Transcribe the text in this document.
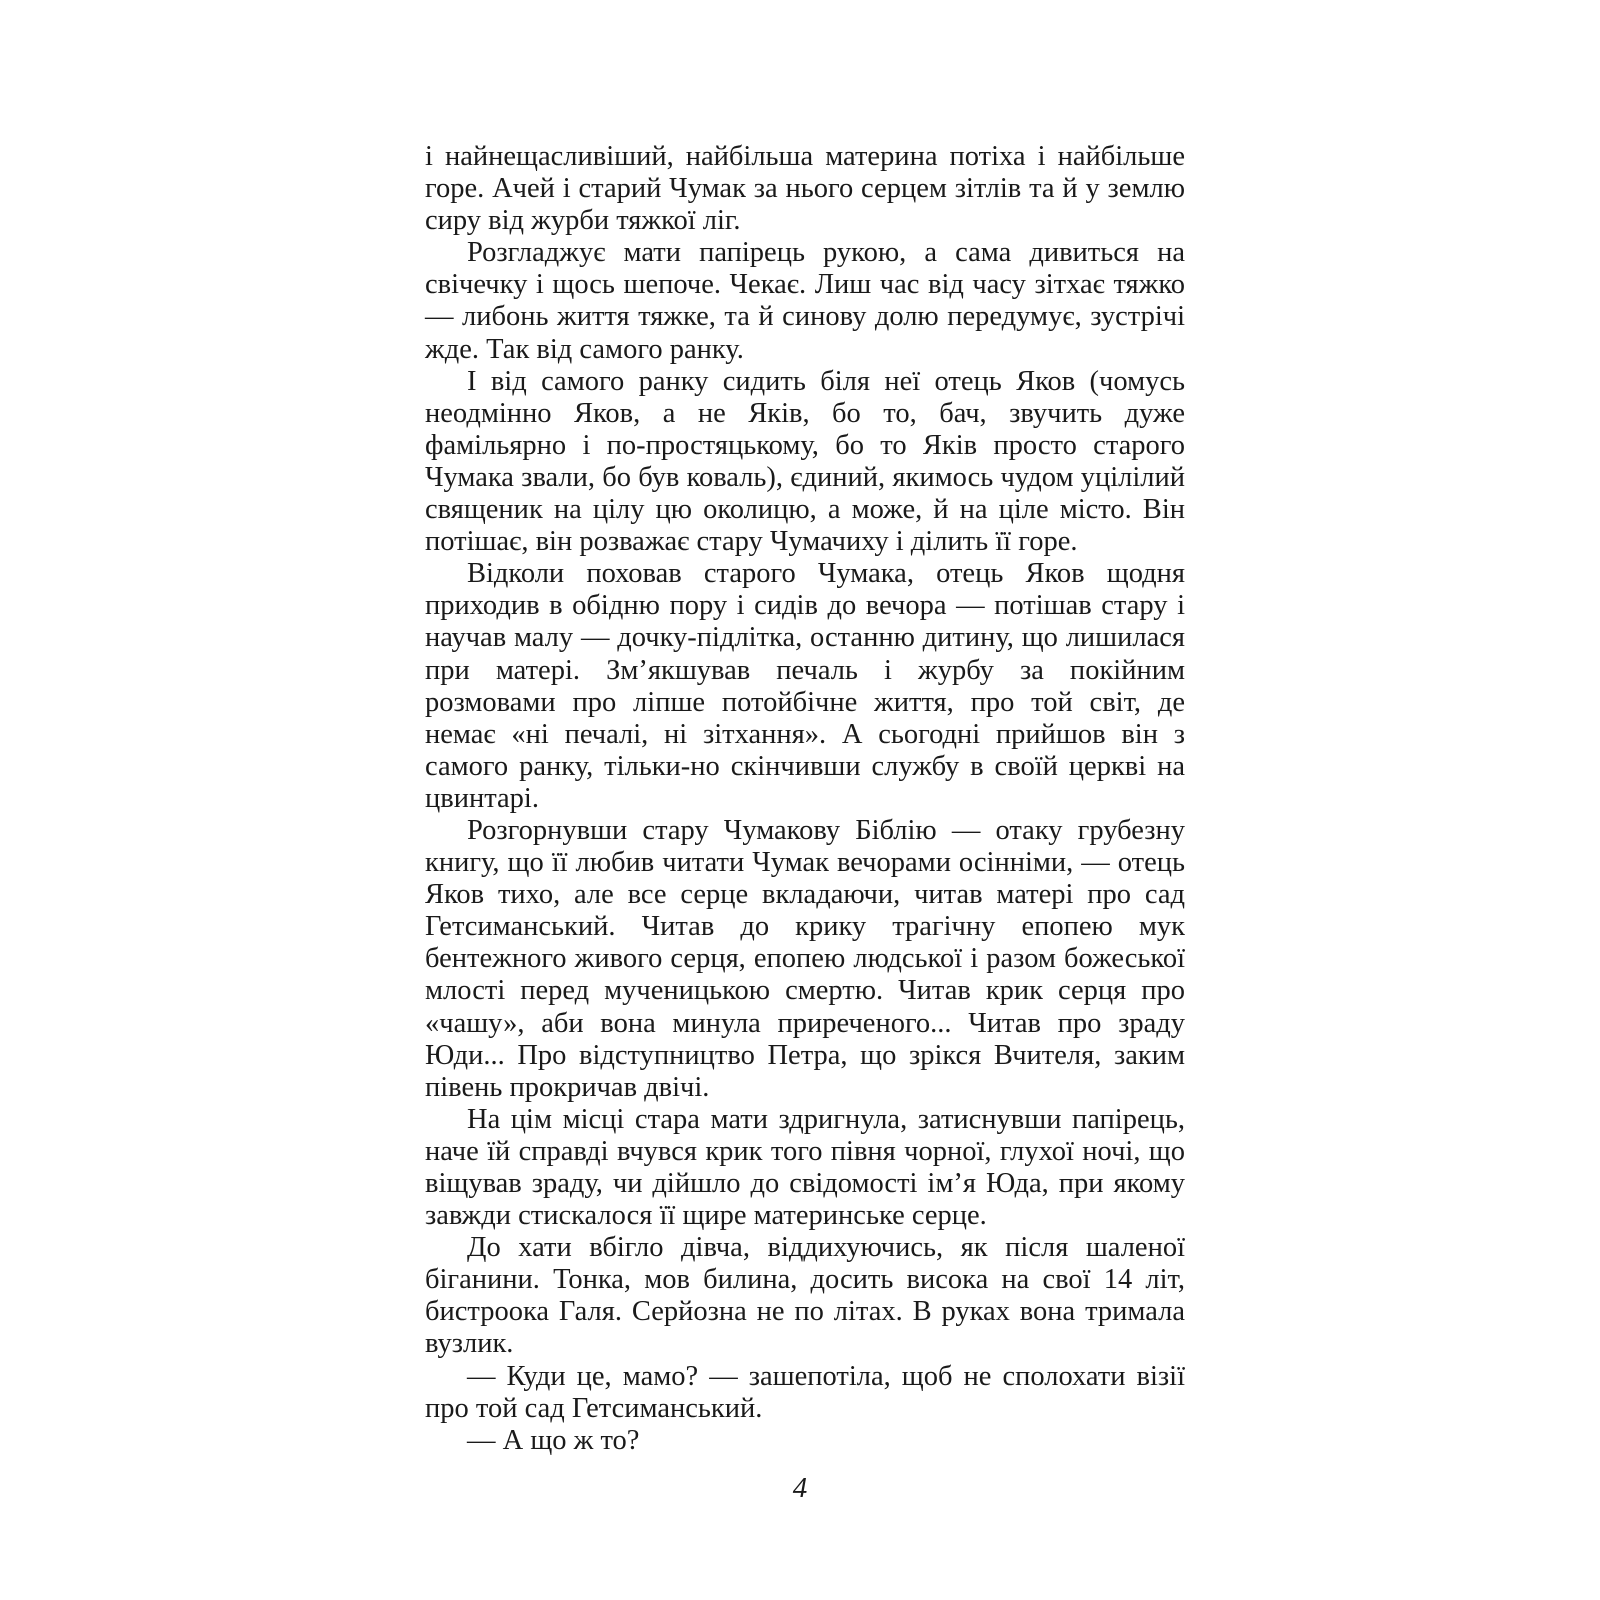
і найнещасливіший, найбільша материна потіха і найбільше горе. Ачей і старий Чумак за нього серцем зітлів та й у землю сиру від журби тяжкої ліг.

Розгладжує мати папірець рукою, а сама дивиться на свічечку і щось шепоче. Чекає. Лиш час від часу зітхає тяжко — либонь життя тяжке, та й синову долю передумує, зустрічі жде. Так від самого ранку.

І від самого ранку сидить біля неї отець Яков (чомусь неодмінно Яков, а не Яків, бо то, бач, звучить дуже фамільярно і по-простяцькому, бо то Яків просто старого Чумака звали, бо був коваль), єдиний, якимось чудом уцілілий священик на цілу цю околицю, а може, й на ціле місто. Він потішає, він розважає стару Чумачиху і ділить її горе.

Відколи поховав старого Чумака, отець Яков щодня приходив в обідню пору і сидів до вечора — потішав стару і научав малу — дочку-підлітка, останню дитину, що лишилася при матері. Зм’якшував печаль і журбу за покійним розмовами про ліпше потойбічне життя, про той світ, де немає «ні печалі, ні зітхання». А сьогодні прийшов він з самого ранку, тільки-но скінчивши службу в своїй церкві на цвинтарі.

Розгорнувши стару Чумакову Біблію — отаку грубезну книгу, що її любив читати Чумак вечорами осінніми, — отець Яков тихо, але все серце вкладаючи, читав матері про сад Гетсиманський. Читав до крику трагічну епопею мук бентежного живого серця, епопею людської і разом божеської млості перед мученицькою смертю. Читав крик серця про «чашу», аби вона минула приреченого... Читав про зраду Юди... Про відступництво Петра, що зрікся Вчителя, заким півень прокричав двічі.

На цім місці стара мати здригнула, затиснувши папірець, наче їй справді вчувся крик того півня чорної, глухої ночі, що віщував зраду, чи дійшло до свідомості ім’я Юда, при якому завжди стискалося її щире материнське серце.

До хати вбігло дівча, віддихуючись, як після шаленої біганини. Тонка, мов билина, досить висока на свої 14 літ, бистроока Галя. Серйозна не по літах. В руках вона тримала вузлик.

— Куди це, мамо? — зашепотіла, щоб не сполохати візії про той сад Гетсиманський.

— А що ж то?

4
